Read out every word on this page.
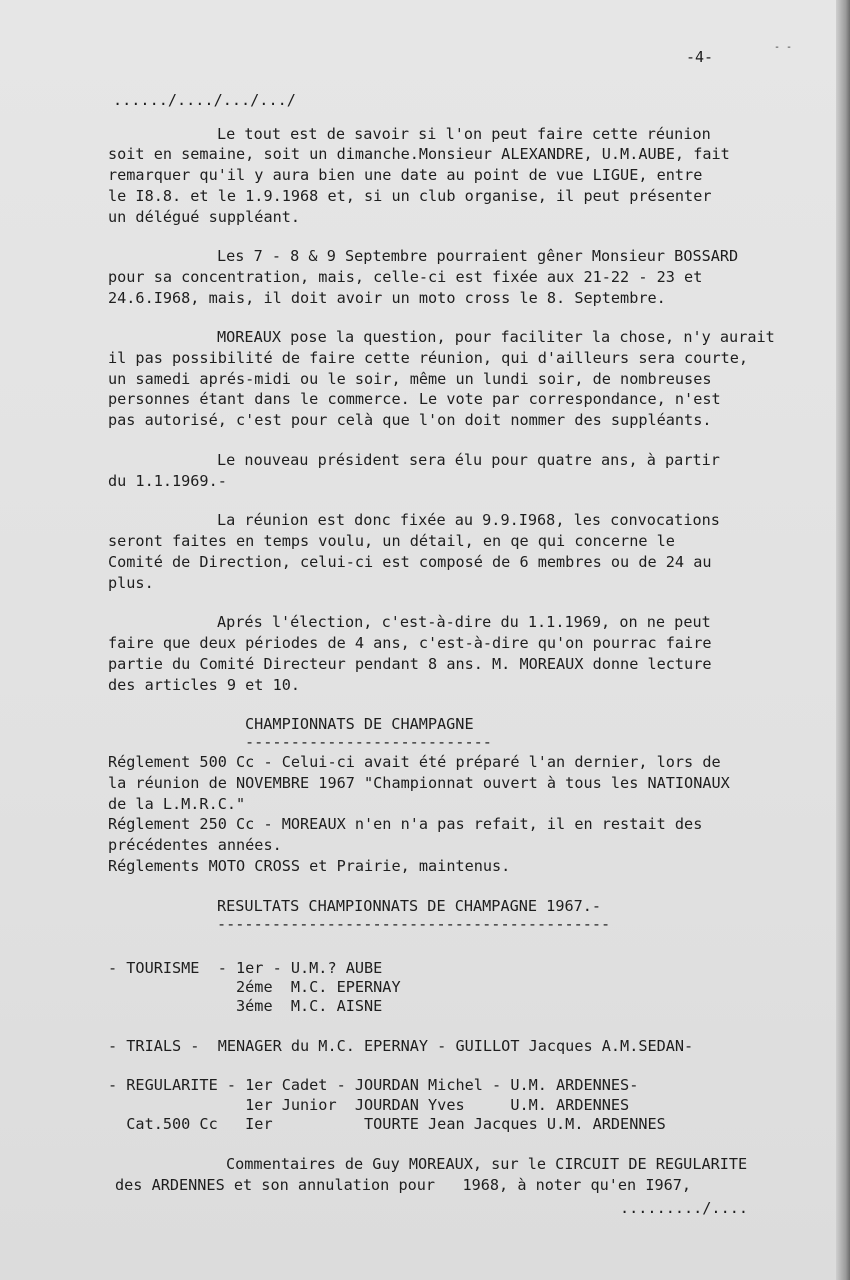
-4-
- -
....../..../.../.../
Le tout est de savoir si l'on peut faire cette réunion
soit en semaine, soit un dimanche.Monsieur ALEXANDRE, U.M.AUBE, fait
remarquer qu'il y aura bien une date au point de vue LIGUE, entre
le I8.8. et le 1.9.1968 et, si un club organise, il peut présenter
un délégué suppléant.
Les 7 - 8 & 9 Septembre pourraient gêner Monsieur BOSSARD
pour sa concentration, mais, celle-ci est fixée aux 21-22 - 23 et
24.6.I968, mais, il doit avoir un moto cross le 8. Septembre.
MOREAUX pose la question, pour faciliter la chose, n'y aurait
il pas possibilité de faire cette réunion, qui d'ailleurs sera courte,
un samedi aprés-midi ou le soir, même un lundi soir, de nombreuses
personnes étant dans le commerce. Le vote par correspondance, n'est
pas autorisé, c'est pour celà que l'on doit nommer des suppléants.
Le nouveau président sera élu pour quatre ans, à partir
du 1.1.1969.-
La réunion est donc fixée au 9.9.I968, les convocations
seront faites en temps voulu, un détail, en qe qui concerne le
Comité de Direction, celui-ci est composé de 6 membres ou de 24 au
plus.
Aprés l'élection, c'est-à-dire du 1.1.1969, on ne peut
faire que deux périodes de 4 ans, c'est-à-dire qu'on pourrac faire
partie du Comité Directeur pendant 8 ans. M. MOREAUX donne lecture
des articles 9 et 10.
CHAMPIONNATS DE CHAMPAGNE
---------------------------
Réglement 500 Cc - Celui-ci avait été préparé l'an dernier, lors de
la réunion de NOVEMBRE 1967 "Championnat ouvert à tous les NATIONAUX
de la L.M.R.C."
Réglement 250 Cc - MOREAUX n'en n'a pas refait, il en restait des
précédentes années.
Réglements MOTO CROSS et Prairie, maintenus.
RESULTATS CHAMPIONNATS DE CHAMPAGNE 1967.-
-------------------------------------------
- TOURISME  - 1er - U.M.? AUBE
2éme  M.C. EPERNAY
3éme  M.C. AISNE
- TRIALS -  MENAGER du M.C. EPERNAY - GUILLOT Jacques A.M.SEDAN-
- REGULARITE - 1er Cadet - JOURDAN Michel - U.M. ARDENNES-
1er Junior  JOURDAN Yves     U.M. ARDENNES
Cat.500 Cc   Ier          TOURTE Jean Jacques U.M. ARDENNES
Commentaires de Guy MOREAUX, sur le CIRCUIT DE REGULARITE
des ARDENNES et son annulation pour   1968, à noter qu'en I967,
........./....
